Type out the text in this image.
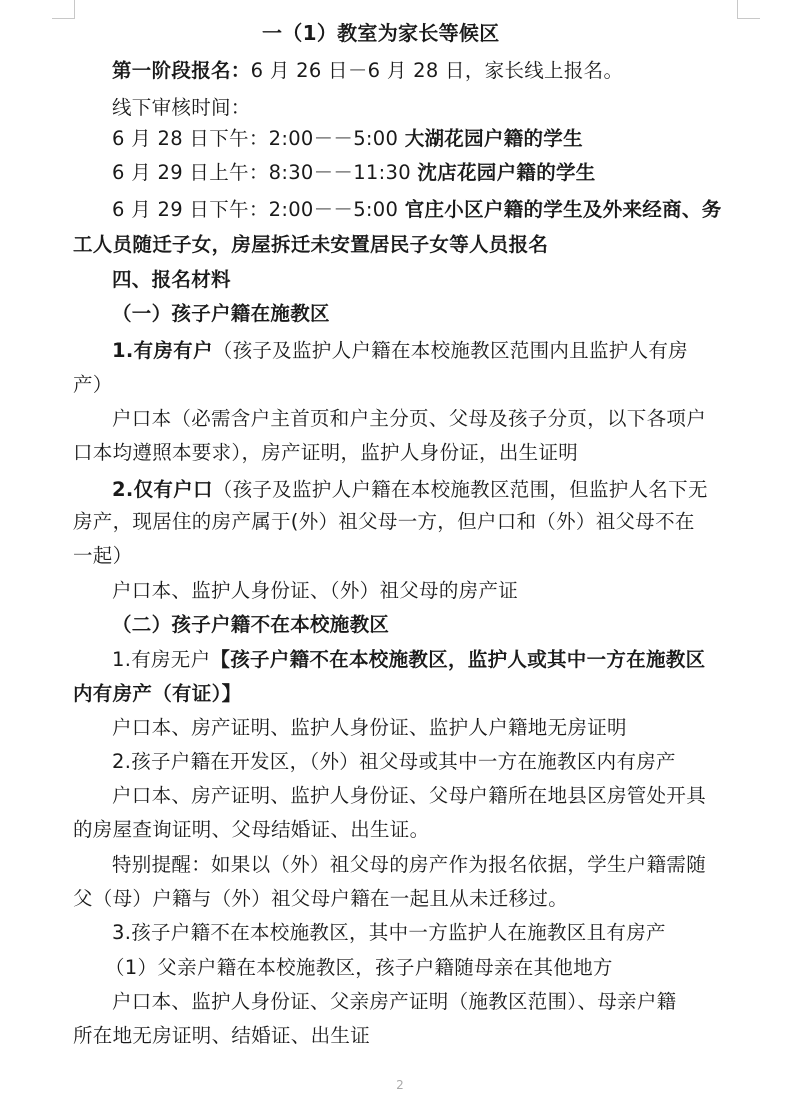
一（1）教室为家长等候区
第一阶段报名：6 月 26 日－6 月 28 日，家长线上报名。
线下审核时间：
6 月 28 日下午：2:00－－5:00 大湖花园户籍的学生
6 月 29 日上午：8:30－－11:30 沈店花园户籍的学生
6 月 29 日下午：2:00－－5:00 官庄小区户籍的学生及外来经商、务
工人员随迁子女，房屋拆迁未安置居民子女等人员报名
四、报名材料
（一）孩子户籍在施教区
1.有房有户（孩子及监护人户籍在本校施教区范围内且监护人有房
产）
户口本（必需含户主首页和户主分页、父母及孩子分页，以下各项户
口本均遵照本要求），房产证明，监护人身份证，出生证明
2.仅有户口（孩子及监护人户籍在本校施教区范围，但监护人名下无
房产，现居住的房产属于(外）祖父母一方，但户口和（外）祖父母不在
一起）
户口本、监护人身份证、（外）祖父母的房产证
（二）孩子户籍不在本校施教区
1.有房无户【孩子户籍不在本校施教区，监护人或其中一方在施教区
内有房产（有证）】
户口本、房产证明、监护人身份证、监护人户籍地无房证明
2.孩子户籍在开发区，（外）祖父母或其中一方在施教区内有房产
户口本、房产证明、监护人身份证、父母户籍所在地县区房管处开具
的房屋查询证明、父母结婚证、出生证。
特别提醒：如果以（外）祖父母的房产作为报名依据，学生户籍需随
父（母）户籍与（外）祖父母户籍在一起且从未迁移过。
3.孩子户籍不在本校施教区，其中一方监护人在施教区且有房产
（1）父亲户籍在本校施教区，孩子户籍随母亲在其他地方
户口本、监护人身份证、父亲房产证明（施教区范围）、母亲户籍
所在地无房证明、结婚证、出生证
2
